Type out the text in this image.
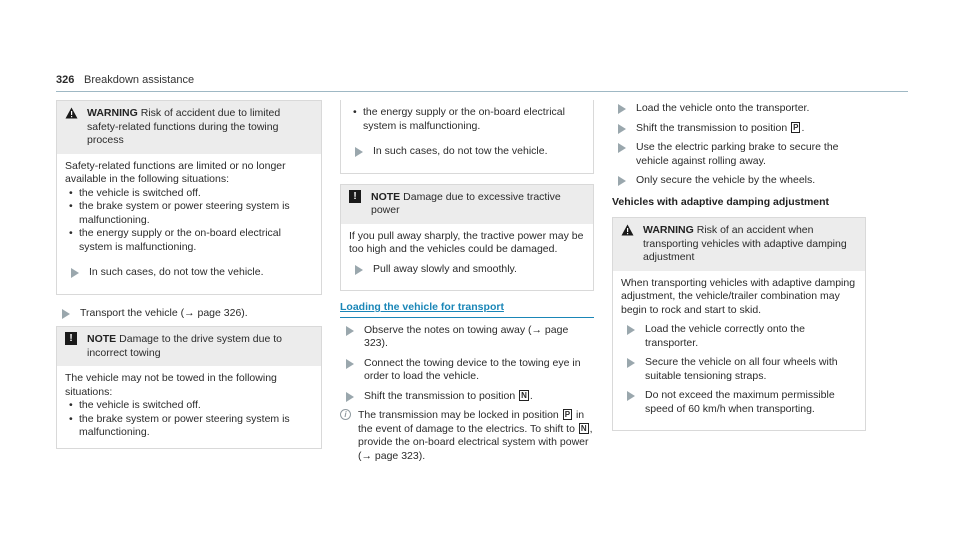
326 Breakdown assistance
WARNING Risk of accident due to limited safety-related functions during the towing process

Safety-related functions are limited or no longer available in the following situations:

• the vehicle is switched off.
• the brake system or power steering system is malfunctioning.
• the energy supply or the on-board electrical system is malfunctioning.
In such cases, do not tow the vehicle.
Transport the vehicle (→ page 326).
!	NOTE Damage to the drive system due to incorrect towing

The vehicle may not be towed in the following situations:

• the vehicle is switched off.
• the brake system or power steering system is malfunctioning.
• the energy supply or the on-board electrical system is malfunctioning.
In such cases, do not tow the vehicle.
!	NOTE Damage due to excessive tractive power

If you pull away sharply, the tractive power may be too high and the vehicles could be damaged.

Pull away slowly and smoothly.
Loading the vehicle for transport
Observe the notes on towing away (→ page 323).
Connect the towing device to the towing eye in order to load the vehicle.
Shift the transmission to position N .
i	The transmission may be locked in position P in the event of damage to the electrics. To shift to N , provide the on-board electrical system with power (→ page 323).
Load the vehicle onto the transporter.
Shift the transmission to position P .
Use the electric parking brake to secure the vehicle against rolling away.
Only secure the vehicle by the wheels.
Vehicles with adaptive damping adjustment
WARNING Risk of an accident when transporting vehicles with adaptive damping adjustment

When transporting vehicles with adaptive damping adjustment, the vehicle/trailer combination may begin to rock and start to skid.

Load the vehicle correctly onto the transporter.
Secure the vehicle on all four wheels with suitable tensioning straps.
Do not exceed the maximum permissible speed of 60 km/h when transporting.
